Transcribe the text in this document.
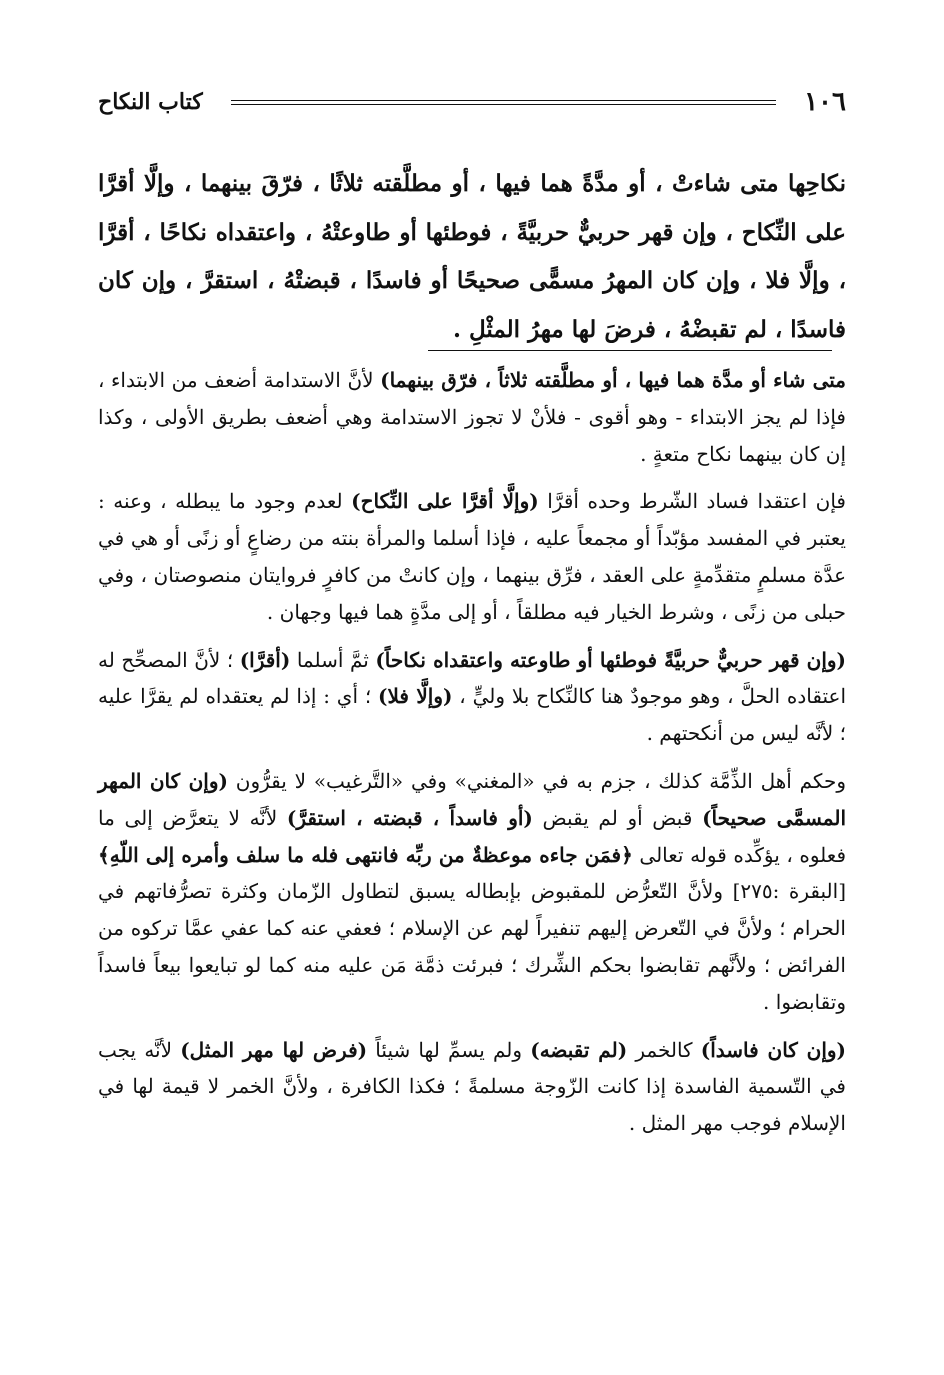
١٠٦
كتاب النكاح

نكاحِها متى شاءتْ ، أو مدَّةً هما فيها ، أو مطلَّقته ثلاثًا ، فرّقَ بينهما ، وإلَّا أقرَّا على النِّكاح ، وإن قهر حربيٌّ حربيَّةً ، فوطئها أو طاوعتْهُ ، واعتقداه نكاحًا ، أقرَّا ، وإلَّا فلا ، وإن كان المهرُ مسمًّى صحيحًا أو فاسدًا ، قبضتْهُ ، استقرَّ ، وإن كان فاسدًا ، لم تقبضْهُ ، فرضَ لها مهرُ المثْلِ .

متى شاء أو مدَّة هما فيها ، أو مطلَّقته ثلاثاً ، فرّق بينهما) لأنَّ الاستدامة أضعف من الابتداء ، فإذا لم يجز الابتداء - وهو أقوى - فلأنْ لا تجوز الاستدامة وهي أضعف بطريق الأولى ، وكذا إن كان بينهما نكاح متعةٍ .

فإن اعتقدا فساد الشّرط وحده أقرَّا (وإلَّا أقرَّا على النِّكاح) لعدم وجود ما يبطله ، وعنه : يعتبر في المفسد مؤبّداً أو مجمعاً عليه ، فإذا أسلما والمرأة بنته من رضاعٍ أو زنًى أو هي في عدَّة مسلمٍ متقدِّمةٍ على العقد ، فرِّق بينهما ، وإن كانتْ من كافرٍ فروايتان منصوصتان ، وفي حبلى من زنًى ، وشرط الخيار فيه مطلقاً ، أو إلى مدَّةٍ هما فيها وجهان .

(وإن قهر حربيٌّ حربيَّةً فوطئها أو طاوعته واعتقداه نكاحاً) ثمَّ أسلما (أقرَّا) ؛ لأنَّ المصحِّح له اعتقاده الحلَّ ، وهو موجودٌ هنا كالنِّكاح بلا وليٍّ ، (وإلَّا فلا) ؛ أي : إذا لم يعتقداه لم يقرَّا عليه ؛ لأنَّه ليس من أنكحتهم .

وحكم أهل الذِّمَّة كذلك ، جزم به في «المغني» وفي «التَّرغيب» لا يقرُّون (وإن كان المهر المسمَّى صحيحاً) قبض أو لم يقبض (أو فاسداً ، قبضته ، استقرَّ) لأنَّه لا يتعرَّض إلى ما فعلوه ، يؤكِّده قوله تعالى ﴿فمَن جاءه موعظةٌ من ربِّه فانتهى فله ما سلف وأمره إلى اللّهِ﴾ [البقرة :٢٧٥] ولأنَّ التّعرُّض للمقبوض بإبطاله يسبق لتطاول الزّمان وكثرة تصرُّفاتهم في الحرام ؛ ولأنَّ في التّعرض إليهم تنفيراً لهم عن الإسلام ؛ فعفي عنه كما عفي عمَّا تركوه من الفرائض ؛ ولأنَّهم تقابضوا بحكم الشِّرك ؛ فبرئت ذمَّة مَن عليه منه كما لو تبايعوا بيعاً فاسداً وتقابضوا .

(وإن كان فاسداً) كالخمر (لم تقبضه) ولم يسمِّ لها شيئاً (فرض لها مهر المثل) لأنَّه يجب في التّسمية الفاسدة إذا كانت الزّوجة مسلمةً ؛ فكذا الكافرة ، ولأنَّ الخمر لا قيمة لها في الإسلام فوجب مهر المثل .
